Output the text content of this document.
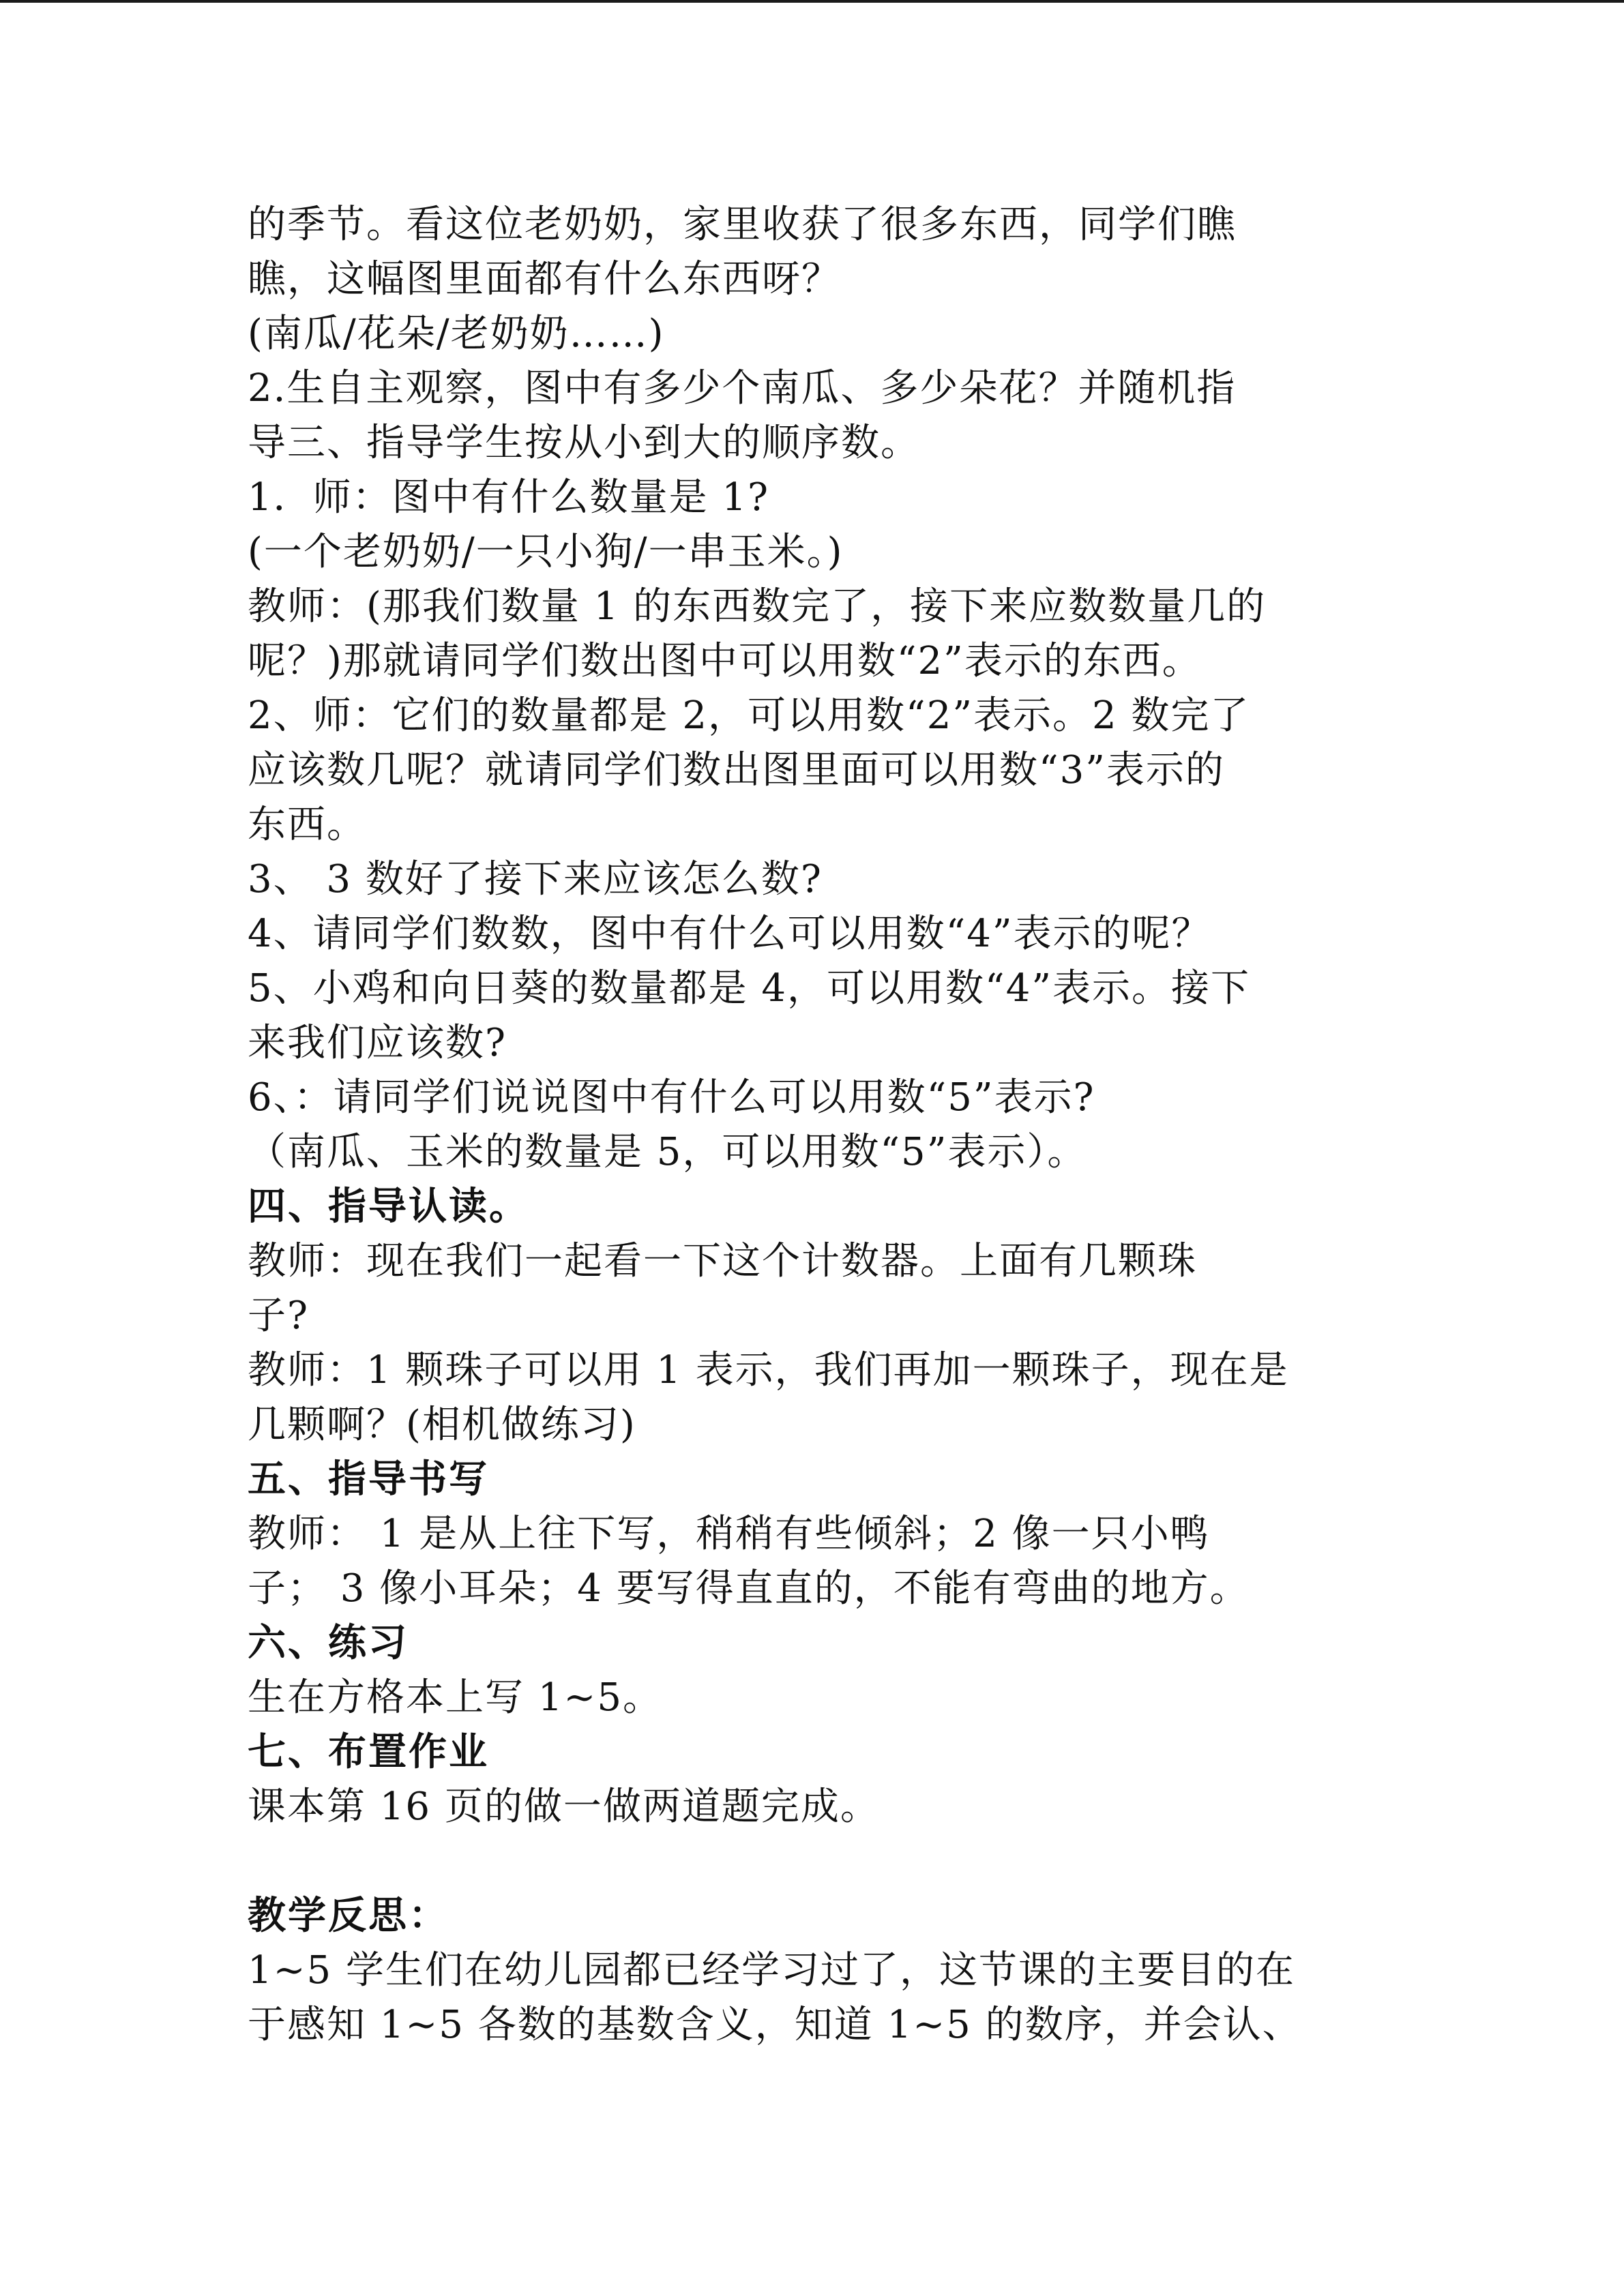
的季节。看这位老奶奶，家里收获了很多东西，同学们瞧
瞧，这幅图里面都有什么东西呀？
(南瓜/花朵/老奶奶……)
2.生自主观察，图中有多少个南瓜、多少朵花？并随机指
导三、指导学生按从小到大的顺序数。
1．师：图中有什么数量是 1?
(一个老奶奶/一只小狗/一串玉米。)
教师：(那我们数量 1 的东西数完了，接下来应数数量几的
呢？)那就请同学们数出图中可以用数“2”表示的东西。
2、师：它们的数量都是 2，可以用数“2”表示。2 数完了
应该数几呢？就请同学们数出图里面可以用数“3”表示的
东西。
3、 3 数好了接下来应该怎么数?
4、请同学们数数，图中有什么可以用数“4”表示的呢？
5、小鸡和向日葵的数量都是 4，可以用数“4”表示。接下
来我们应该数?
6、：请同学们说说图中有什么可以用数“5”表示?
（南瓜、玉米的数量是 5，可以用数“5”表示）。
四、指导认读。
教师：现在我们一起看一下这个计数器。上面有几颗珠
子?
教师：1 颗珠子可以用 1 表示，我们再加一颗珠子，现在是
几颗啊？(相机做练习)
五、指导书写
教师： 1 是从上往下写，稍稍有些倾斜；2 像一只小鸭
子； 3 像小耳朵；4 要写得直直的，不能有弯曲的地方。
六、练习
生在方格本上写 1~5。
七、布置作业
课本第 16 页的做一做两道题完成。
教学反思：
1~5 学生们在幼儿园都已经学习过了，这节课的主要目的在
于感知 1~5 各数的基数含义，知道 1~5 的数序，并会认、
